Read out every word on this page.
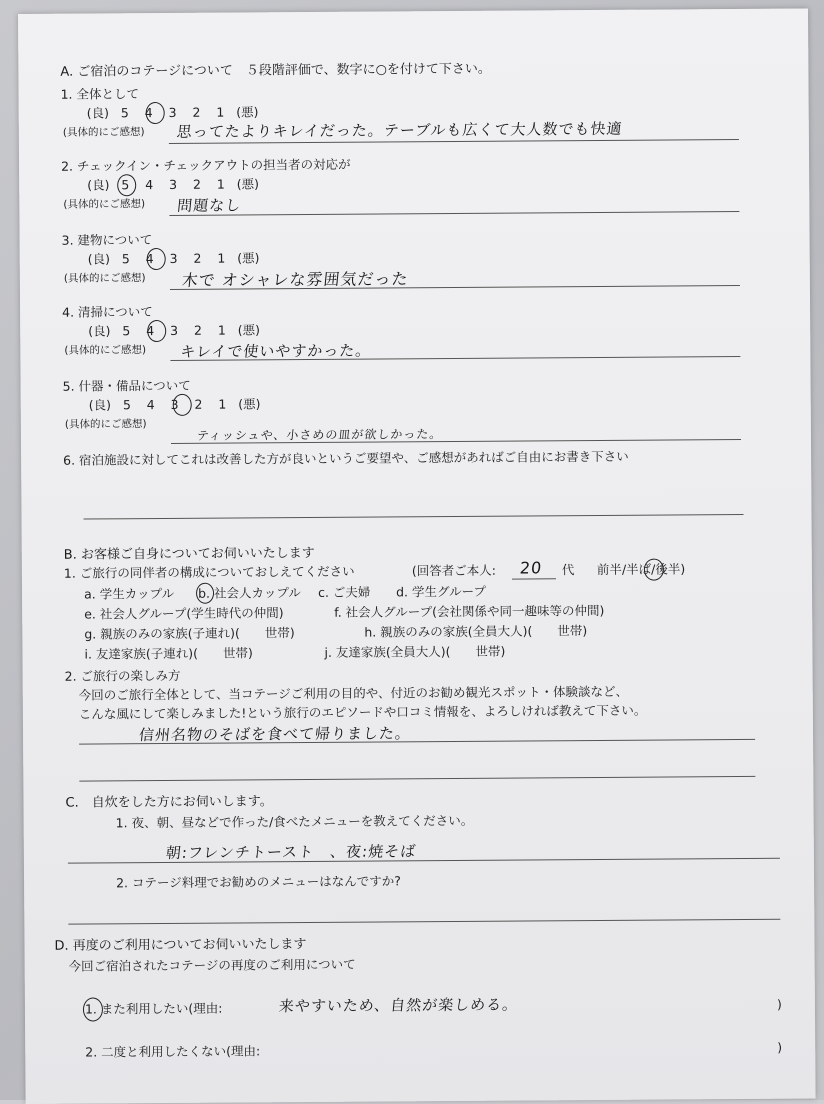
A. ご宿泊のコテージについて　５段階評価で、数字に○を付けて下さい。
1. 全体として
(良) 5 4 3 2 1 (悪)
(具体的にご感想) 思ってたよりキレイだった。テーブルも広くて大人数でも快適
2. チェックイン・チェックアウトの担当者の対応が
(良) 5 4 3 2 1 (悪)
(具体的にご感想) 問題なし
3. 建物について
(良) 5 4 3 2 1 (悪)
(具体的にご感想) 木で オシャレな雰囲気だった
4. 清掃について
(良) 5 4 3 2 1 (悪)
(具体的にご感想) キレイで使いやすかった。
5. 什器・備品について
(良) 5 4 3 2 1 (悪)
(具体的にご感想)
ティッシュや、小さめの皿が欲しかった。
6. 宿泊施設に対してこれは改善した方が良いというご要望や、ご感想があればご自由にお書き下さい
B. お客様ご自身についてお伺いいたします
1. ご旅行の同伴者の構成についておしえてください	(回答者ご本人: 20 代 前半/半ば/後半)
a. 学生カップル b. 社会人カップル c. ご夫婦 d. 学生グループ
e. 社会人グループ(学生時代の仲間)	f. 社会人グループ(会社関係や同一趣味等の仲間)
g. 親族のみの家族(子連れ)(　　世帯)	h. 親族のみの家族(全員大人)(　　世帯)
i. 友達家族(子連れ)(　　世帯)	j. 友達家族(全員大人)(　　世帯)
2. ご旅行の楽しみ方
今回のご旅行全体として、当コテージご利用の目的や、付近のお勧め観光スポット・体験談など、
こんな風にして楽しみました!という旅行のエピソードや口コミ情報を、よろしければ教えて下さい。
信州名物のそばを食べて帰りました。
C.　自炊をした方にお伺いします。
1. 夜、朝、昼などで作った/食べたメニューを教えてください。
朝:フレンチトースト　、夜:焼そば
2. コテージ料理でお勧めのメニューはなんですか?
D. 再度のご利用についてお伺いいたします
今回ご宿泊されたコテージの再度のご利用について
1. また利用したい(理由:	来やすいため、自然が楽しめる。	)
2. 二度と利用したくない(理由:	)
